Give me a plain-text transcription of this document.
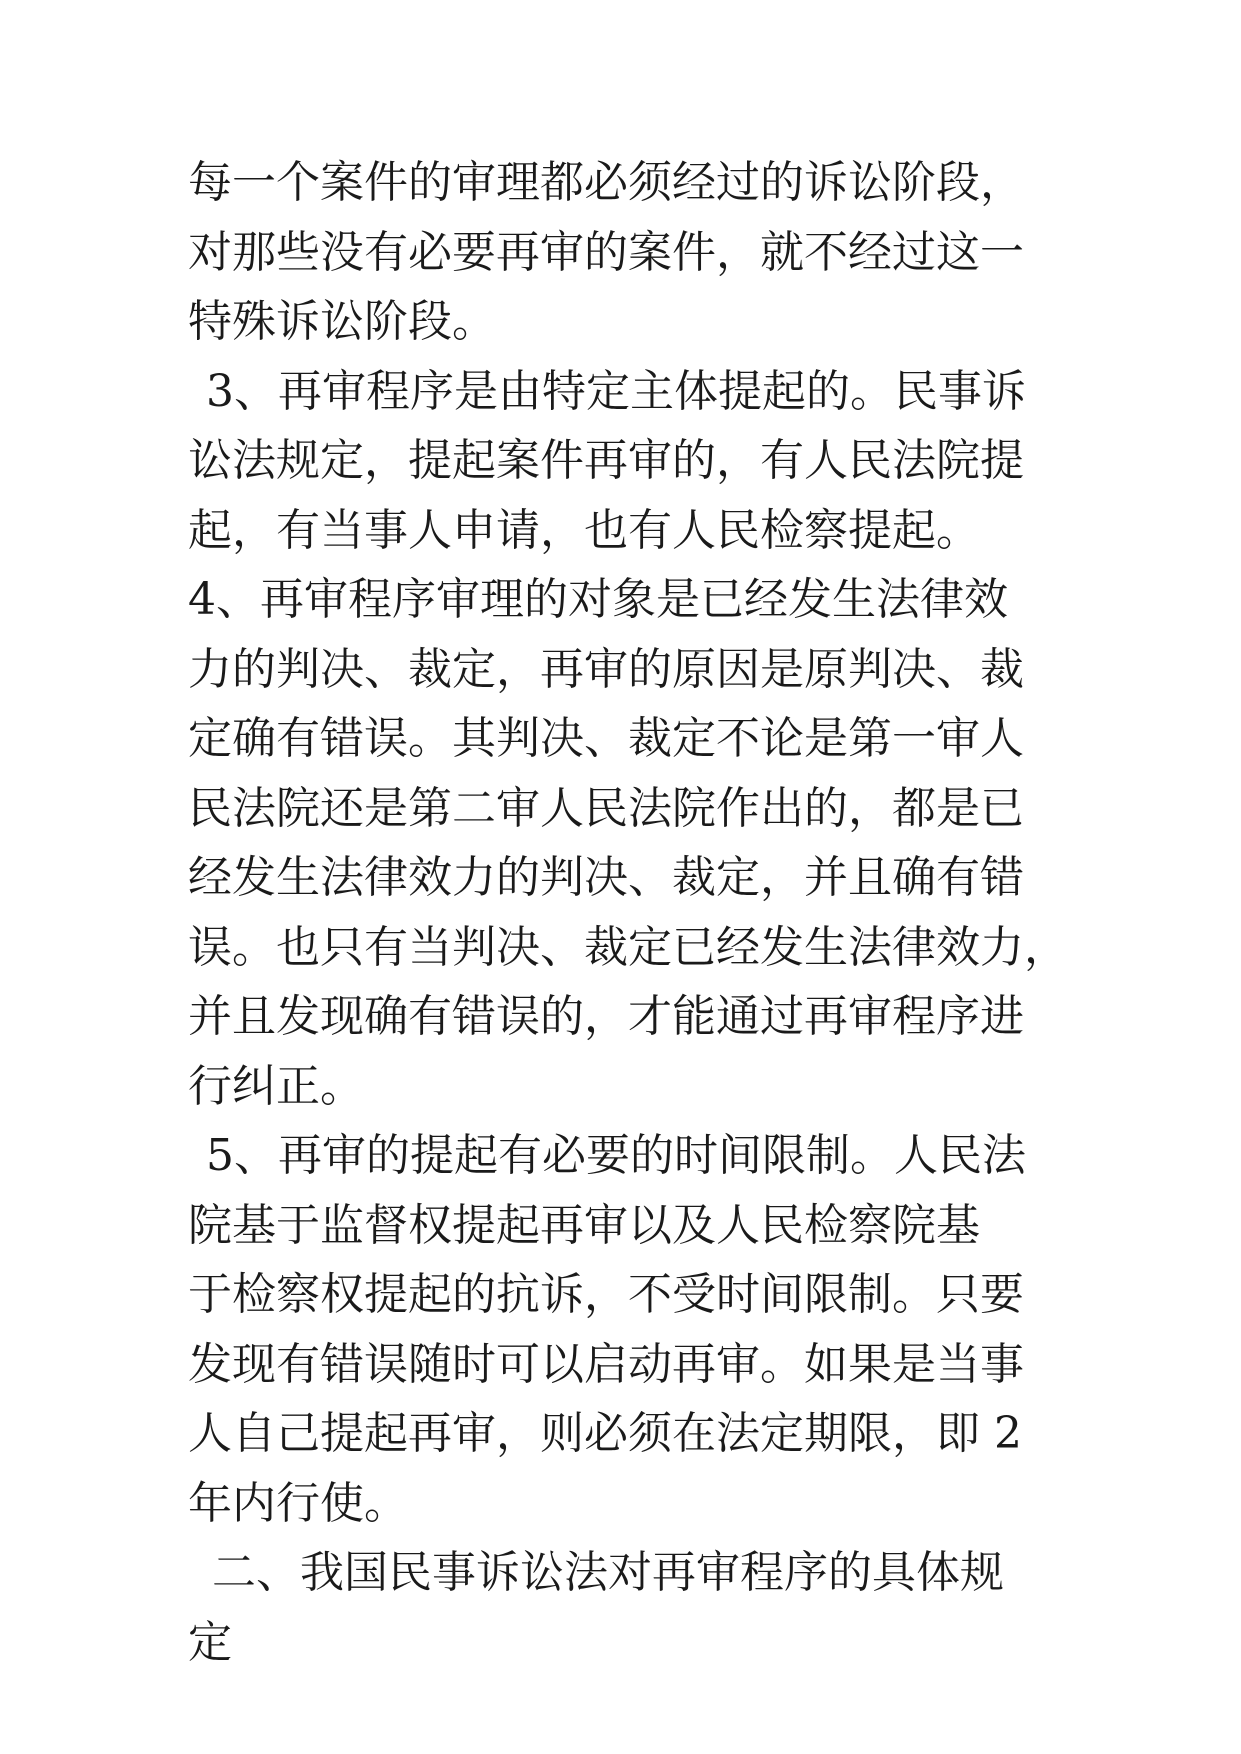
每一个案件的审理都必须经过的诉讼阶段，
对那些没有必要再审的案件，就不经过这一
特殊诉讼阶段。
3、再审程序是由特定主体提起的。民事诉
讼法规定，提起案件再审的，有人民法院提
起，有当事人申请，也有人民检察提起。
4、再审程序审理的对象是已经发生法律效
力的判决、裁定，再审的原因是原判决、裁
定确有错误。其判决、裁定不论是第一审人
民法院还是第二审人民法院作出的，都是已
经发生法律效力的判决、裁定，并且确有错
误。也只有当判决、裁定已经发生法律效力，
并且发现确有错误的，才能通过再审程序进
行纠正。
5、再审的提起有必要的时间限制。人民法
院基于监督权提起再审以及人民检察院基
于检察权提起的抗诉，不受时间限制。只要
发现有错误随时可以启动再审。如果是当事
人自己提起再审，则必须在法定期限，即 2
年内行使。
二、我国民事诉讼法对再审程序的具体规
定
